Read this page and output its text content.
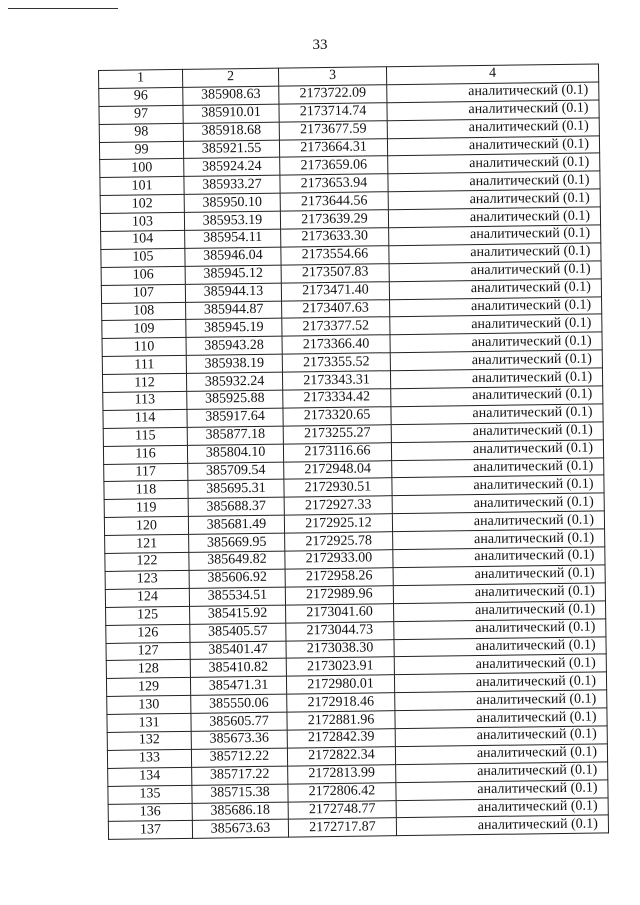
33
1	2	3	4
96	385908.63	2173722.09	аналитический (0.1)
97	385910.01	2173714.74	аналитический (0.1)
98	385918.68	2173677.59	аналитический (0.1)
99	385921.55	2173664.31	аналитический (0.1)
100	385924.24	2173659.06	аналитический (0.1)
101	385933.27	2173653.94	аналитический (0.1)
102	385950.10	2173644.56	аналитический (0.1)
103	385953.19	2173639.29	аналитический (0.1)
104	385954.11	2173633.30	аналитический (0.1)
105	385946.04	2173554.66	аналитический (0.1)
106	385945.12	2173507.83	аналитический (0.1)
107	385944.13	2173471.40	аналитический (0.1)
108	385944.87	2173407.63	аналитический (0.1)
109	385945.19	2173377.52	аналитический (0.1)
110	385943.28	2173366.40	аналитический (0.1)
111	385938.19	2173355.52	аналитический (0.1)
112	385932.24	2173343.31	аналитический (0.1)
113	385925.88	2173334.42	аналитический (0.1)
114	385917.64	2173320.65	аналитический (0.1)
115	385877.18	2173255.27	аналитический (0.1)
116	385804.10	2173116.66	аналитический (0.1)
117	385709.54	2172948.04	аналитический (0.1)
118	385695.31	2172930.51	аналитический (0.1)
119	385688.37	2172927.33	аналитический (0.1)
120	385681.49	2172925.12	аналитический (0.1)
121	385669.95	2172925.78	аналитический (0.1)
122	385649.82	2172933.00	аналитический (0.1)
123	385606.92	2172958.26	аналитический (0.1)
124	385534.51	2172989.96	аналитический (0.1)
125	385415.92	2173041.60	аналитический (0.1)
126	385405.57	2173044.73	аналитический (0.1)
127	385401.47	2173038.30	аналитический (0.1)
128	385410.82	2173023.91	аналитический (0.1)
129	385471.31	2172980.01	аналитический (0.1)
130	385550.06	2172918.46	аналитический (0.1)
131	385605.77	2172881.96	аналитический (0.1)
132	385673.36	2172842.39	аналитический (0.1)
133	385712.22	2172822.34	аналитический (0.1)
134	385717.22	2172813.99	аналитический (0.1)
135	385715.38	2172806.42	аналитический (0.1)
136	385686.18	2172748.77	аналитический (0.1)
137	385673.63	2172717.87	аналитический (0.1)
